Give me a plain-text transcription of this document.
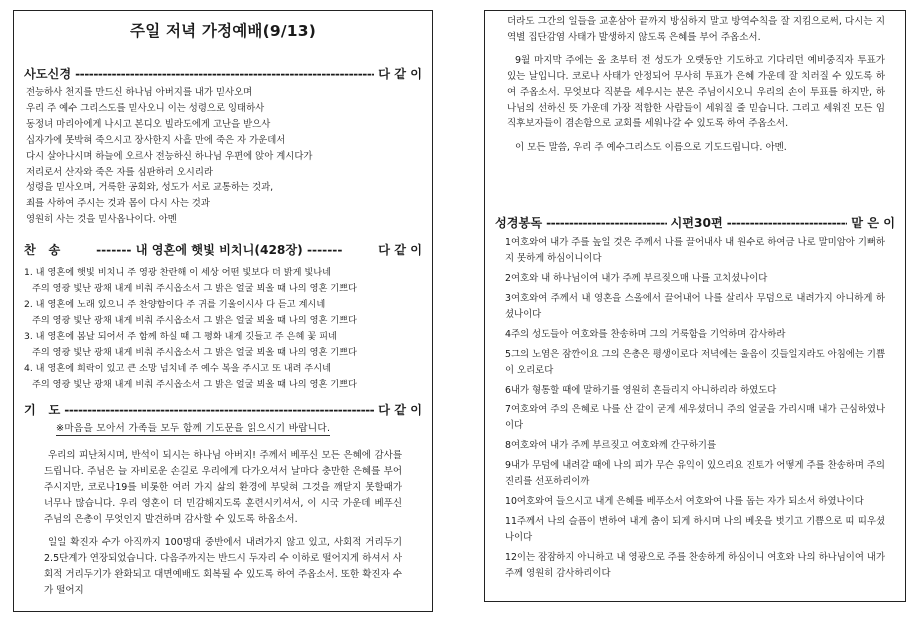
주일 저녁 가정예배(9/13)
사도신경 -----	다 같 이
전능하사 천지를 만드신 하나님 아버지를 내가 믿사오며
우리 주 예수 그리스도를 믿사오니 이는 성령으로 잉태하사
동정녀 마리아에게 나시고 본디오 빌라도에게 고난을 받으사
십자가에 못박혀 죽으시고 장사한지 사흘 만에 죽은 자 가운데서
다시 살아나시며 하늘에 오르사 전능하신 하나님 우편에 앉아 계시다가
저리로서 산자와 죽은 자를 심판하러 오시리라
성령을 믿사오며, 거룩한 공회와, 성도가 서로 교통하는 것과,
죄를 사하여 주시는 것과 몸이 다시 사는 것과
영원히 사는 것을 믿사옵나이다. 아멘
찬   송	------- 내 영혼에 햇빛 비치니(428장) -------	다 같 이
1. 내 영혼에 햇빛 비치니 주 영광 찬란해 이 세상 어떤 빛보다 더 밝게 빛나네
주의 영광 빛난 광채 내게 비춰 주시옵소서 그 밝은 얼굴 뵈올 때 나의 영혼 기쁘다
2. 내 영혼에 노래 있으니 주 찬양함이다 주 귀를 기울이시사 다 듣고 계시네
주의 영광 빛난 광채 내게 비춰 주시옵소서 그 밝은 얼굴 뵈올 때 나의 영혼 기쁘다
3. 내 영혼에 봄날 되어서 주 함께 하실 때 그 평화 내게 깃들고 주 은혜 꽃 피네
주의 영광 빛난 광채 내게 비춰 주시옵소서 그 밝은 얼굴 뵈올 때 나의 영혼 기쁘다
4. 내 영혼에 희락이 있고 큰 소망 넘치네 주 예수 복을 주시고 또 내려 주시네
주의 영광 빛난 광채 내게 비춰 주시옵소서 그 밝은 얼굴 뵈올 때 나의 영혼 기쁘다
기   도 -----	다 같 이
※마음을 모아서 가족들 모두 함께 기도문을 읽으시기 바랍니다.

우리의 피난처시며, 반석이 되시는 하나님 아버지! 주께서 베푸신 모든 은혜에 감사를 드립니다. 주님은 늘 자비로운 손길로 우리에게 다가오셔서 날마다 충만한 은혜를 부어주시지만, 코로나19를 비롯한 여러 가지 삶의 환경에 부딪혀 그것을 깨닫지 못할때가 너무나 많습니다. 우리 영혼이 더 민감해지도록 훈련시키셔서, 이 시국 가운데 베푸신 주님의 은총이 무엇인지 발견하며 감사할 수 있도록 하옵소서.

일일 확진자 수가 아직까지 100명대 중반에서 내려가지 않고 있고, 사회적 거리두기2.5단계가 연장되었습니다. 다음주까지는 반드시 두자리 수 이하로 떨어지게 하셔서 사회적 거리두기가 완화되고 대면예배도 회복될 수 있도록 하여 주옵소서. 또한 확진자 수가 떨어지

더라도 그간의 일들을 교훈삼아 끝까지 방심하지 말고 방역수칙을 잘 지킴으로써, 다시는 지역별 집단감염 사태가 발생하지 않도록 은혜를 부어 주옵소서.

9월 마지막 주에는 올 초부터 전 성도가 오랫동안 기도하고 기다리던 예비중직자 투표가 있는 날입니다. 코로나 사태가 안정되어 무사히 투표가 은혜 가운데 잘 치러질 수 있도록 하여 주옵소서. 무엇보다 직분을 세우시는 분은 주님이시오니 우리의 손이 투표를 하지만, 하나님의 선하신 뜻 가운데 가장 적합한 사람들이 세워질 줄 믿습니다. 그리고 세워진 모든 임직후보자들이 겸손함으로 교회를 세워나갈 수 있도록 하여 주옵소서.

이 모든 말씀, 우리 주 예수그리스도 이름으로 기도드립니다. 아멘.

성경봉독 -----	시편30편 -----	맡 은 이

1여호와여 내가 주를 높일 것은 주께서 나를 끌어내사 내 원수로 하여금 나로 말미암아 기뻐하지 못하게 하심이니이다

2여호와 내 하나님이여 내가 주께 부르짖으매 나를 고치셨나이다

3여호와여 주께서 내 영혼을 스올에서 끌어내어 나를 살리사 무덤으로 내려가지 아니하게 하셨나이다

4주의 성도들아 여호와를 찬송하며 그의 거룩함을 기억하며 감사하라

5그의 노염은 잠깐이요 그의 은총은 평생이로다 저녁에는 울음이 깃들일지라도 아침에는 기쁨이 오리로다

6내가 형통할 때에 말하기를 영원히 흔들리지 아니하리라 하였도다

7여호와여 주의 은혜로 나를 산 같이 굳게 세우셨더니 주의 얼굴을 가리시매 내가 근심하였나이다

8여호와여 내가 주께 부르짖고 여호와께 간구하기를

9내가 무덤에 내려갈 때에 나의 피가 무슨 유익이 있으리요 진토가 어떻게 주를 찬송하며 주의 진리를 선포하리이까

10여호와여 들으시고 내게 은혜를 베푸소서 여호와여 나를 돕는 자가 되소서 하였나이다

11주께서 나의 슬픔이 변하여 내게 춤이 되게 하시며 나의 베옷을 벗기고 기쁨으로 띠 띠우셨나이다

12이는 잠잠하지 아니하고 내 영광으로 주를 찬송하게 하심이니 여호와 나의 하나님이여 내가 주께 영원히 감사하리이다
